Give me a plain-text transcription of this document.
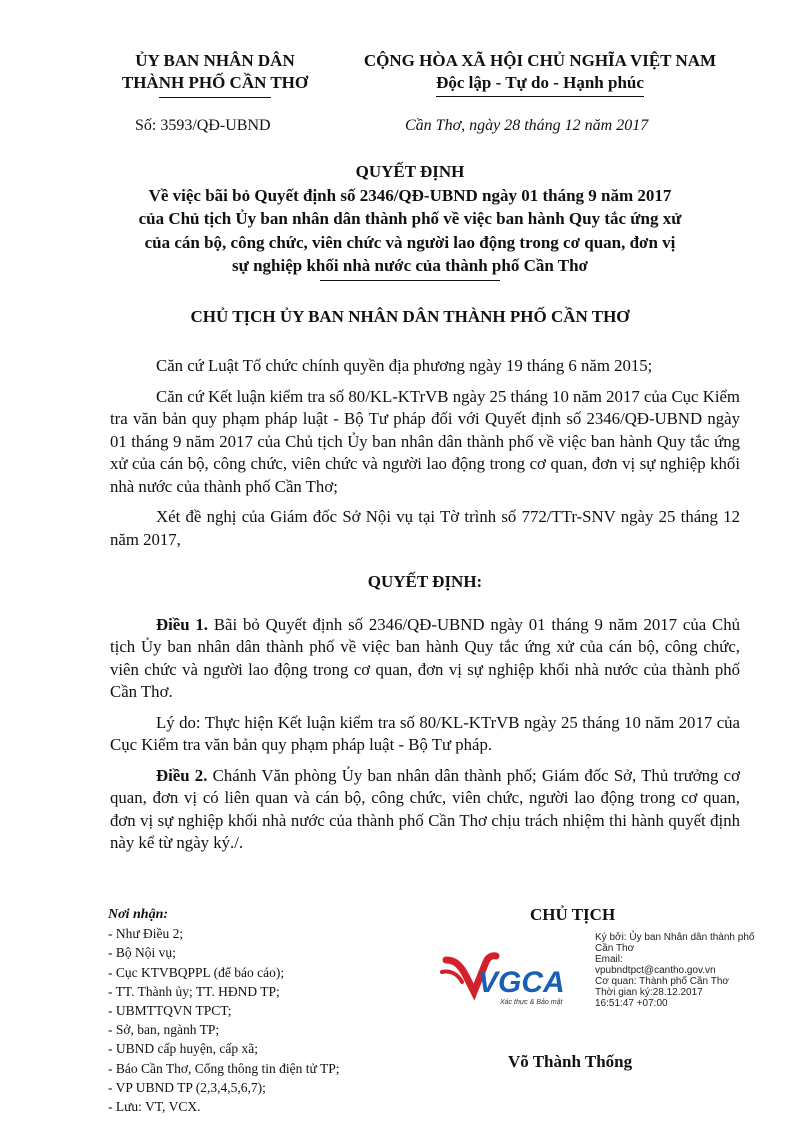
ỦY BAN NHÂN DÂN
THÀNH PHỐ CẦN THƠ
CỘNG HÒA XÃ HỘI CHỦ NGHĨA VIỆT NAM
Độc lập - Tự do - Hạnh phúc
Số: 3593/QĐ-UBND	Cần Thơ, ngày 28 tháng 12 năm 2017
QUYẾT ĐỊNH
Về việc bãi bỏ Quyết định số 2346/QĐ-UBND ngày 01 tháng 9 năm 2017
của Chủ tịch Ủy ban nhân dân thành phố về việc ban hành Quy tắc ứng xử
của cán bộ, công chức, viên chức và người lao động trong cơ quan, đơn vị
sự nghiệp khối nhà nước của thành phố Cần Thơ
CHỦ TỊCH ỦY BAN NHÂN DÂN THÀNH PHỐ CẦN THƠ

Căn cứ Luật Tổ chức chính quyền địa phương ngày 19 tháng 6 năm 2015;

Căn cứ Kết luận kiểm tra số 80/KL-KTrVB ngày 25 tháng 10 năm 2017 của Cục Kiểm tra văn bản quy phạm pháp luật - Bộ Tư pháp đối với Quyết định số 2346/QĐ-UBND ngày 01 tháng 9 năm 2017 của Chủ tịch Ủy ban nhân dân thành phố về việc ban hành Quy tắc ứng xử của cán bộ, công chức, viên chức và người lao động trong cơ quan, đơn vị sự nghiệp khối nhà nước của thành phố Cần Thơ;

Xét đề nghị của Giám đốc Sở Nội vụ tại Tờ trình số 772/TTr-SNV ngày 25 tháng 12 năm 2017,

QUYẾT ĐỊNH:

Điều 1. Bãi bỏ Quyết định số 2346/QĐ-UBND ngày 01 tháng 9 năm 2017 của Chủ tịch Ủy ban nhân dân thành phố về việc ban hành Quy tắc ứng xử của cán bộ, công chức, viên chức và người lao động trong cơ quan, đơn vị sự nghiệp khối nhà nước của thành phố Cần Thơ.

Lý do: Thực hiện Kết luận kiểm tra số 80/KL-KTrVB ngày 25 tháng 10 năm 2017 của Cục Kiểm tra văn bản quy phạm pháp luật - Bộ Tư pháp.

Điều 2. Chánh Văn phòng Ủy ban nhân dân thành phố; Giám đốc Sở, Thủ trưởng cơ quan, đơn vị có liên quan và cán bộ, công chức, viên chức, người lao động trong cơ quan, đơn vị sự nghiệp khối nhà nước của thành phố Cần Thơ chịu trách nhiệm thi hành quyết định này kể từ ngày ký./.

Nơi nhận:
- Như Điều 2;
- Bộ Nội vụ;
- Cục KTVBQPPL (để báo cáo);
- TT. Thành ủy; TT. HĐND TP;
- UBMTTQVN TPCT;
- Sở, ban, ngành TP;
- UBND cấp huyện, cấp xã;
- Báo Cần Thơ, Cổng thông tin điện tử TP;
- VP UBND TP (2,3,4,5,6,7);
- Lưu: VT, VCX.
CHỦ TỊCH
VGCA
Xác thực & Bảo mật
Ký bởi: Ủy ban Nhân dân thành phố Cần Thơ
Email:
vpubndtpct@cantho.gov.vn
Cơ quan: Thành phố Cần Thơ
Thời gian ký:28.12.2017
16:51:47 +07:00
Võ Thành Thống
